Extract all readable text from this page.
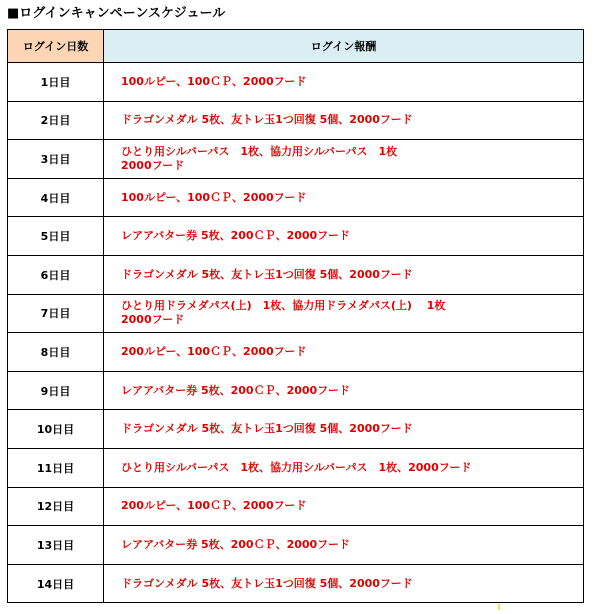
■ログインキャンペーンスケジュール
ログイン日数	ログイン報酬
1日目	100ルピー、100ＣＰ、2000フード

2日目	ドラゴンメダル 5枚、友トレ玉1つ回復 5個、2000フード

3日目	ひとり用シルバーパス　1枚、協力用シルバーパス　1枚
2000フード

4日目	100ルピー、100ＣＰ、2000フード

5日目	レアアバター券 5枚、200ＣＰ、2000フード

6日目	ドラゴンメダル 5枚、友トレ玉1つ回復 5個、2000フード

7日目	ひとり用ドラメダパス(上)　1枚、協力用ドラメダパス(上)　 1枚
2000フード

8日目	200ルピー、100ＣＰ、2000フード

9日目	レアアバター券 5枚、200ＣＰ、2000フード

10日目	ドラゴンメダル 5枚、友トレ玉1つ回復 5個、2000フード

11日目	ひとり用シルバーパス　1枚、協力用シルバーパス　1枚、2000フード

12日目	200ルピー、100ＣＰ、2000フード

13日目	レアアバター券 5枚、200ＣＰ、2000フード

14日目	ドラゴンメダル 5枚、友トレ玉1つ回復 5個、2000フード
